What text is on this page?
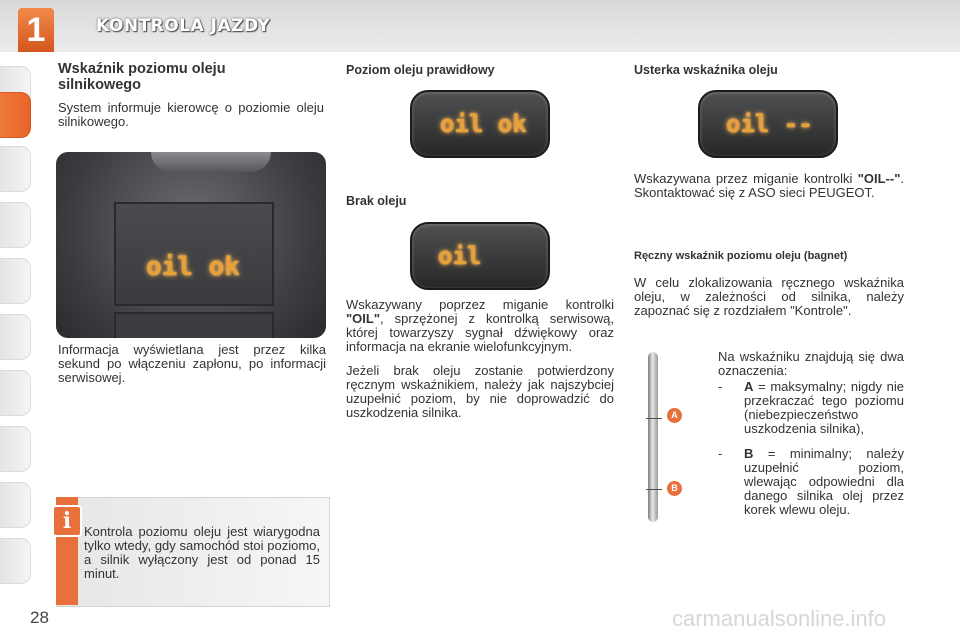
1	KONTROLA JAZDY
Wskaźnik poziomu oleju silnikowego
System informuje kierowcę o poziomie oleju silnikowego.
oil ok
Informacja wyświetlana jest przez kilka sekund po włączeniu zapłonu, po informacji serwisowej.
i Kontrola poziomu oleju jest wiarygodna tylko wtedy, gdy samochód stoi poziomo, a silnik wyłączony jest od ponad 15 minut.
Poziom oleju prawidłowy
oil ok
Brak oleju
oil
Wskazywany poprzez miganie kontrolki "OIL", sprzężonej z kontrolką serwisową, której towarzyszy sygnał dźwiękowy oraz informacja na ekranie wielofunkcyjnym.
Jeżeli brak oleju zostanie potwierdzony ręcznym wskaźnikiem, należy jak najszybciej uzupełnić poziom, by nie doprowadzić do uszkodzenia silnika.
Usterka wskaźnika oleju
oil --
Wskazywana przez miganie kontrolki "OIL--". Skontaktować się z ASO sieci PEUGEOT.
Ręczny wskaźnik poziomu oleju (bagnet)
W celu zlokalizowania ręcznego wskaźnika oleju, w zależności od silnika, należy zapoznać się z rozdziałem "Kontrole".
A
B
Na wskaźniku znajdują się dwa oznaczenia:
- A = maksymalny; nigdy nie przekraczać tego poziomu (niebezpieczeństwo uszkodzenia silnika),
- B = minimalny; należy uzupełnić poziom, wlewając odpowiedni dla danego silnika olej przez korek wlewu oleju.
28	carmanualsonline.info
